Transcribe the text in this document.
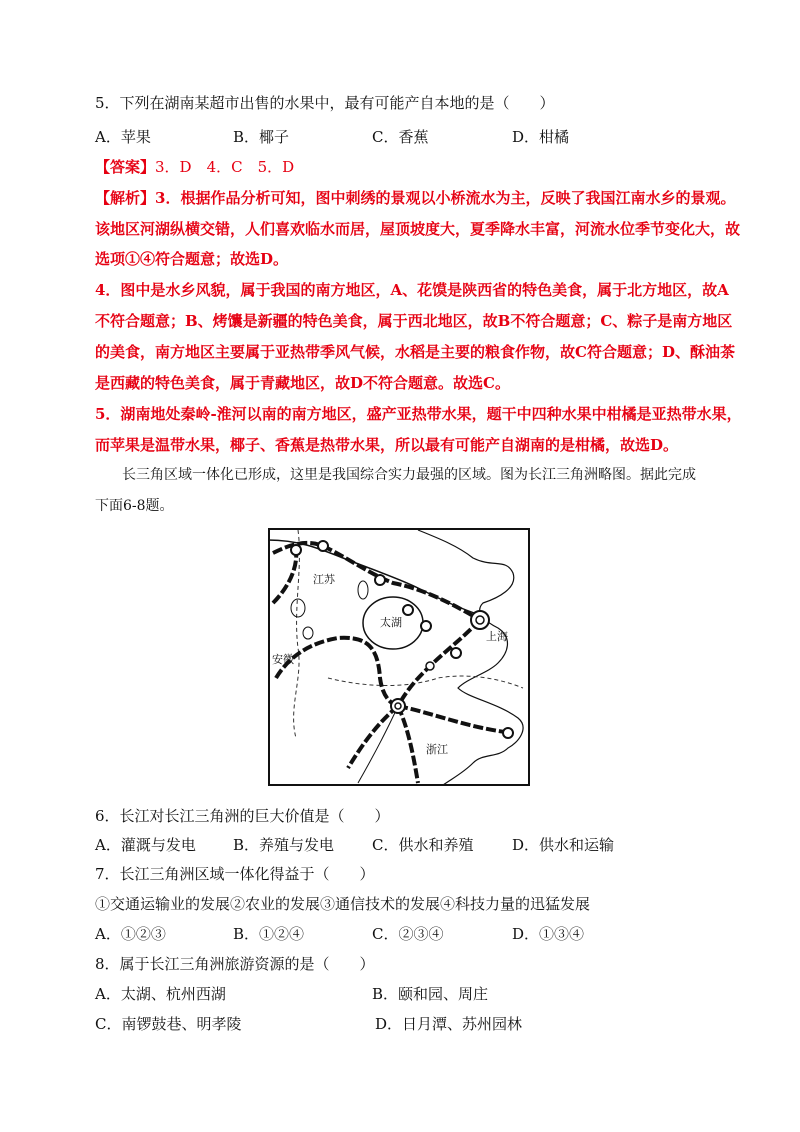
5．下列在湖南某超市出售的水果中，最有可能产自本地的是（　　）
A．苹果	B．椰子	C．香蕉	D．柑橘
【答案】3．D　4．C　5．D
【解析】3．根据作品分析可知，图中刺绣的景观以小桥流水为主，反映了我国江南水乡的景观。
该地区河湖纵横交错，人们喜欢临水而居，屋顶坡度大，夏季降水丰富，河流水位季节变化大，故
选项①④符合题意；故选D。
4．图中是水乡风貌，属于我国的南方地区，A、花馍是陕西省的特色美食，属于北方地区，故A
不符合题意；B、烤馕是新疆的特色美食，属于西北地区，故B不符合题意；C、粽子是南方地区
的美食，南方地区主要属于亚热带季风气候，水稻是主要的粮食作物，故C符合题意；D、酥油茶
是西藏的特色美食，属于青藏地区，故D不符合题意。故选C。
5．湖南地处秦岭-淮河以南的南方地区，盛产亚热带水果，题干中四种水果中柑橘是亚热带水果，
而苹果是温带水果，椰子、香蕉是热带水果，所以最有可能产自湖南的是柑橘，故选D。
长三角区域一体化已形成，这里是我国综合实力最强的区域。图为长江三角洲略图。据此完成
下面6-8题。
江苏
太湖
上海
安徽
浙江
6．长江对长江三角洲的巨大价值是（　　）
A．灌溉与发电 B．养殖与发电	C．供水和养殖	D．供水和运输
7．长江三角洲区域一体化得益于（　　）
①交通运输业的发展②农业的发展③通信技术的发展④科技力量的迅猛发展
A．①②③	B．①②④	C．②③④	D．①③④
8．属于长江三角洲旅游资源的是（　　）
A．太湖、杭州西湖	B．颐和园、周庄
C．南锣鼓巷、明孝陵	D．日月潭、苏州园林
